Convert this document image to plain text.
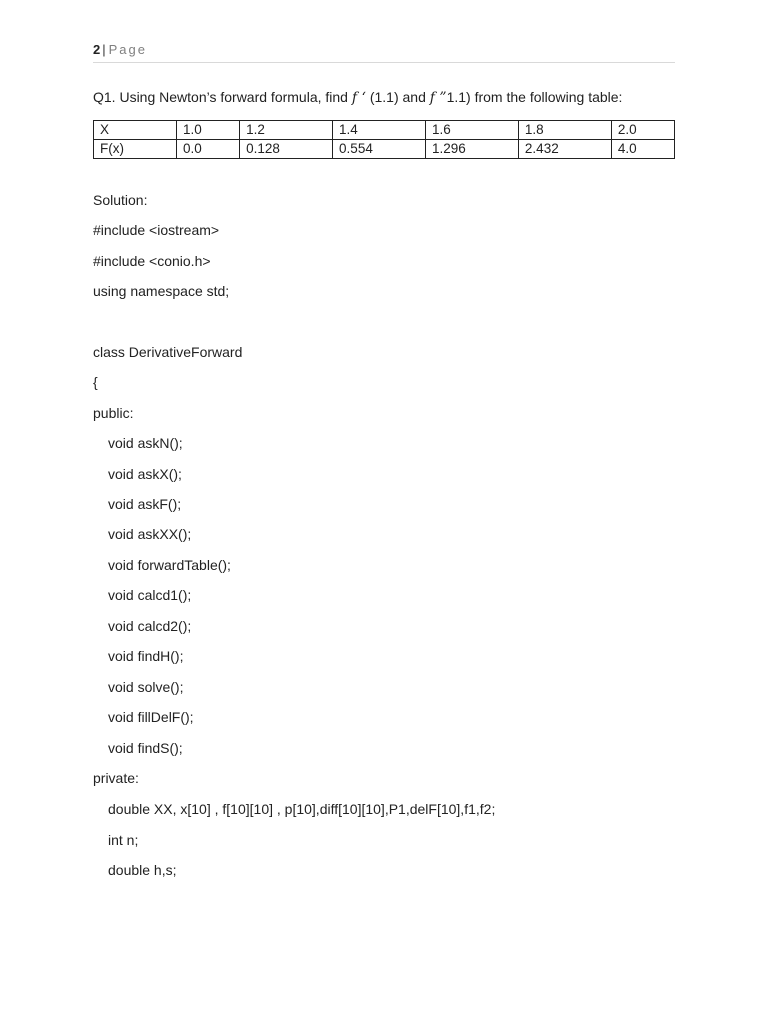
2 | Page
Q1. Using Newton’s forward formula, find f ‘ (1.1) and f ”1.1) from the following table:
X	1.0	1.2	1.4	1.6	1.8	2.0
F(x)	0.0	0.128	0.554	1.296	2.432	4.0
Solution:
#include <iostream>
#include <conio.h>
using namespace std;
class DerivativeForward
{
public:
void askN();
void askX();
void askF();
void askXX();
void forwardTable();
void calcd1();
void calcd2();
void findH();
void solve();
void fillDelF();
void findS();
private:
double XX, x[10] , f[10][10] , p[10],diff[10][10],P1,delF[10],f1,f2;
int n;
double h,s;
